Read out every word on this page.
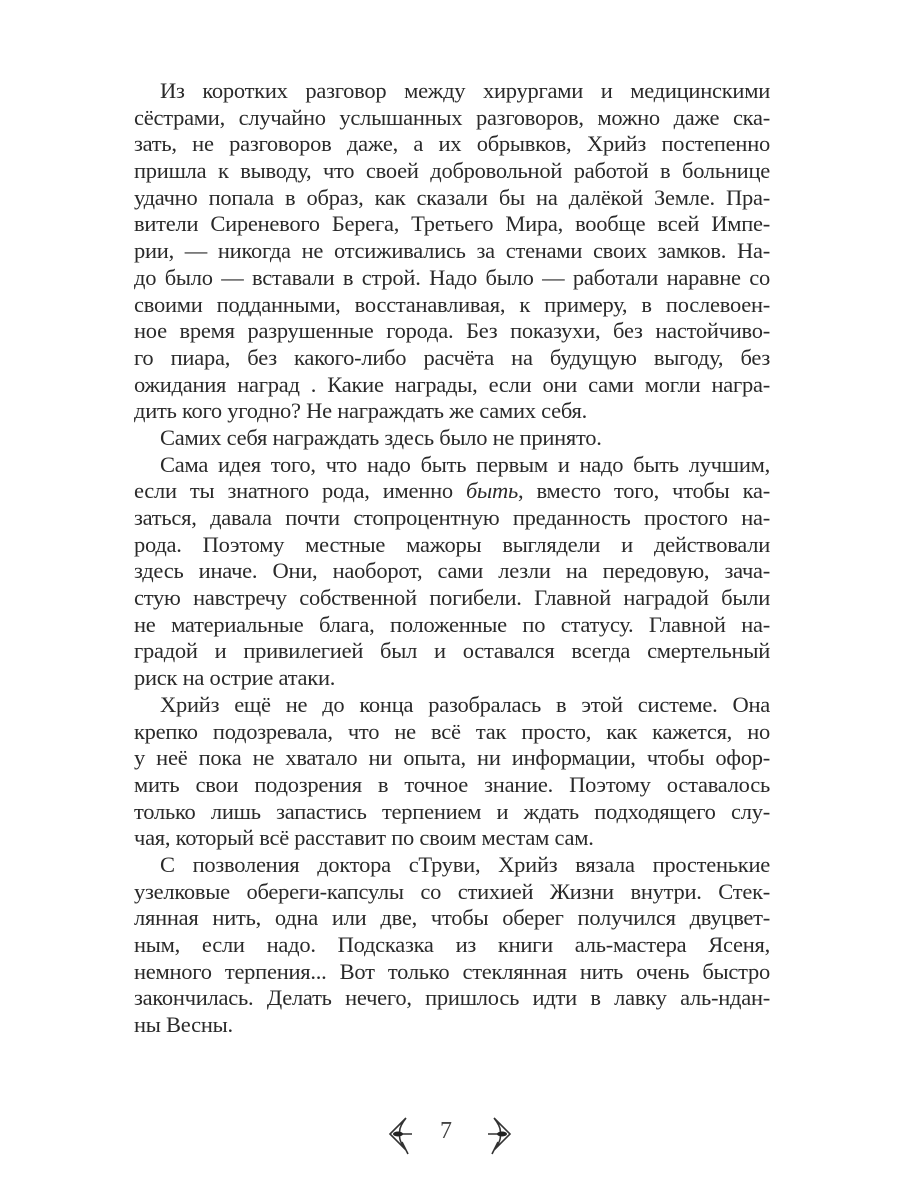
Из коротких разговор между хирургами и медицинскими
сёстрами, случайно услышанных разговоров, можно даже ска-
зать, не разговоров даже, а их обрывков, Хрийз постепенно
пришла к выводу, что своей добровольной работой в больнице
удачно попала в образ, как сказали бы на далёкой Земле. Пра-
вители Сиреневого Берега, Третьего Мира, вообще всей Импе-
рии, — никогда не отсиживались за стенами своих замков. На-
до было — вставали в строй. Надо было — работали наравне со
своими подданными, восстанавливая, к примеру, в послевоен-
ное время разрушенные города. Без показухи, без настойчиво-
го пиара, без какого-либо расчёта на будущую выгоду, без
ожидания наград . Какие награды, если они сами могли награ-
дить кого угодно? Не награждать же самих себя.
Самих себя награждать здесь было не принято.
Сама идея того, что надо быть первым и надо быть лучшим,
если ты знатного рода, именно быть, вместо того, чтобы ка-
заться, давала почти стопроцентную преданность простого на-
рода. Поэтому местные мажоры выглядели и действовали
здесь иначе. Они, наоборот, сами лезли на передовую, зача-
стую навстречу собственной погибели. Главной наградой были
не материальные блага, положенные по статусу. Главной на-
градой и привилегией был и оставался всегда смертельный
риск на острие атаки.
Хрийз ещё не до конца разобралась в этой системе. Она
крепко подозревала, что не всё так просто, как кажется, но
у неё пока не хватало ни опыта, ни информации, чтобы офор-
мить свои подозрения в точное знание. Поэтому оставалось
только лишь запастись терпением и ждать подходящего слу-
чая, который всё расставит по своим местам сам.
С позволения доктора сТруви, Хрийз вязала простенькие
узелковые обереги-капсулы со стихией Жизни внутри. Стек-
лянная нить, одна или две, чтобы оберег получился двуцвет-
ным, если надо. Подсказка из книги аль-мастера Ясеня,
немного терпения... Вот только стеклянная нить очень быстро
закончилась. Делать нечего, пришлось идти в лавку аль-ндан-
ны Весны.
7
